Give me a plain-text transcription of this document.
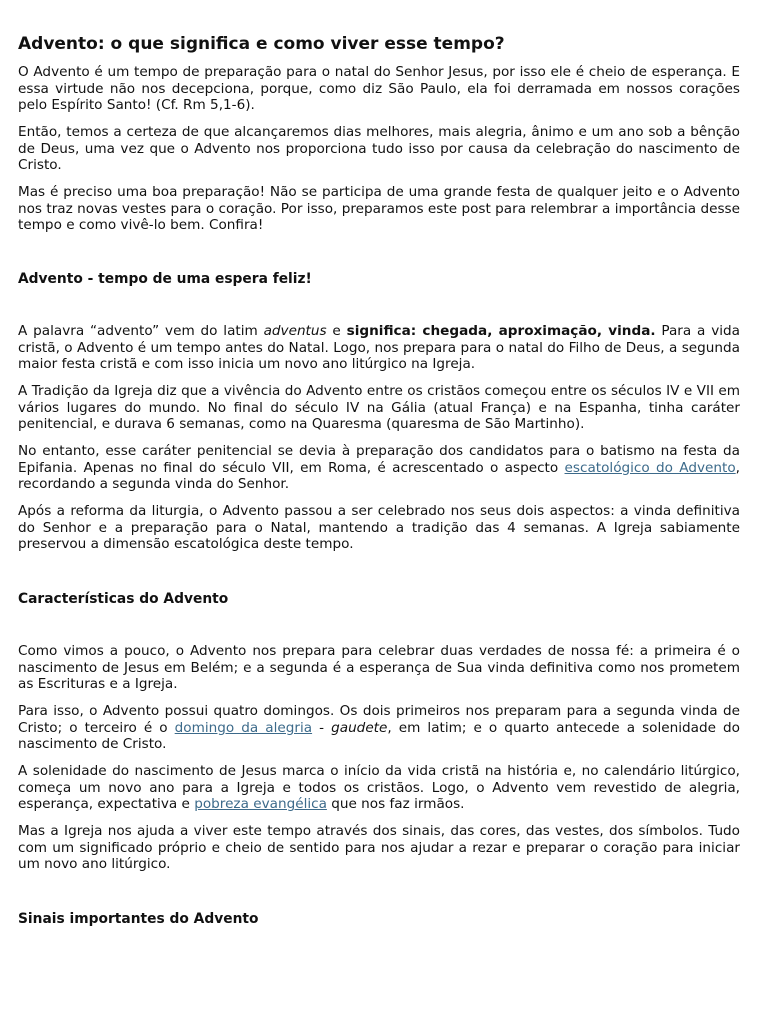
Advento: o que significa e como viver esse tempo?

O Advento é um tempo de preparação para o natal do Senhor Jesus, por isso ele é cheio de esperança. E essa virtude não nos decepciona, porque, como diz São Paulo, ela foi derramada em nossos corações pelo Espírito Santo! (Cf. Rm 5,1-6).

Então, temos a certeza de que alcançaremos dias melhores, mais alegria, ânimo e um ano sob a bênção de Deus, uma vez que o Advento nos proporciona tudo isso por causa da celebração do nascimento de Cristo.

Mas é preciso uma boa preparação! Não se participa de uma grande festa de qualquer jeito e o Advento nos traz novas vestes para o coração. Por isso, preparamos este post para relembrar a importância desse tempo e como vivê-lo bem. Confira!

Advento - tempo de uma espera feliz!

A palavra “advento” vem do latim adventus e significa: chegada, aproximação, vinda. Para a vida cristã, o Advento é um tempo antes do Natal. Logo, nos prepara para o natal do Filho de Deus, a segunda maior festa cristã e com isso inicia um novo ano litúrgico na Igreja.

A Tradição da Igreja diz que a vivência do Advento entre os cristãos começou entre os séculos IV e VII em vários lugares do mundo. No final do século IV na Gália (atual França) e na Espanha, tinha caráter penitencial, e durava 6 semanas, como na Quaresma (quaresma de São Martinho).

No entanto, esse caráter penitencial se devia à preparação dos candidatos para o batismo na festa da Epifania. Apenas no final do século VII, em Roma, é acrescentado o aspecto escatológico do Advento, recordando a segunda vinda do Senhor.

Após a reforma da liturgia, o Advento passou a ser celebrado nos seus dois aspectos: a vinda definitiva do Senhor e a preparação para o Natal, mantendo a tradição das 4 semanas. A Igreja sabiamente preservou a dimensão escatológica deste tempo.

Características do Advento

Como vimos a pouco, o Advento nos prepara para celebrar duas verdades de nossa fé: a primeira é o nascimento de Jesus em Belém; e a segunda é a esperança de Sua vinda definitiva como nos prometem as Escrituras e a Igreja.

Para isso, o Advento possui quatro domingos. Os dois primeiros nos preparam para a segunda vinda de Cristo; o terceiro é o domingo da alegria - gaudete, em latim; e o quarto antecede a solenidade do nascimento de Cristo.

A solenidade do nascimento de Jesus marca o início da vida cristã na história e, no calendário litúrgico, começa um novo ano para a Igreja e todos os cristãos. Logo, o Advento vem revestido de alegria, esperança, expectativa e pobreza evangélica que nos faz irmãos.

Mas a Igreja nos ajuda a viver este tempo através dos sinais, das cores, das vestes, dos símbolos. Tudo com um significado próprio e cheio de sentido para nos ajudar a rezar e preparar o coração para iniciar um novo ano litúrgico.

Sinais importantes do Advento
